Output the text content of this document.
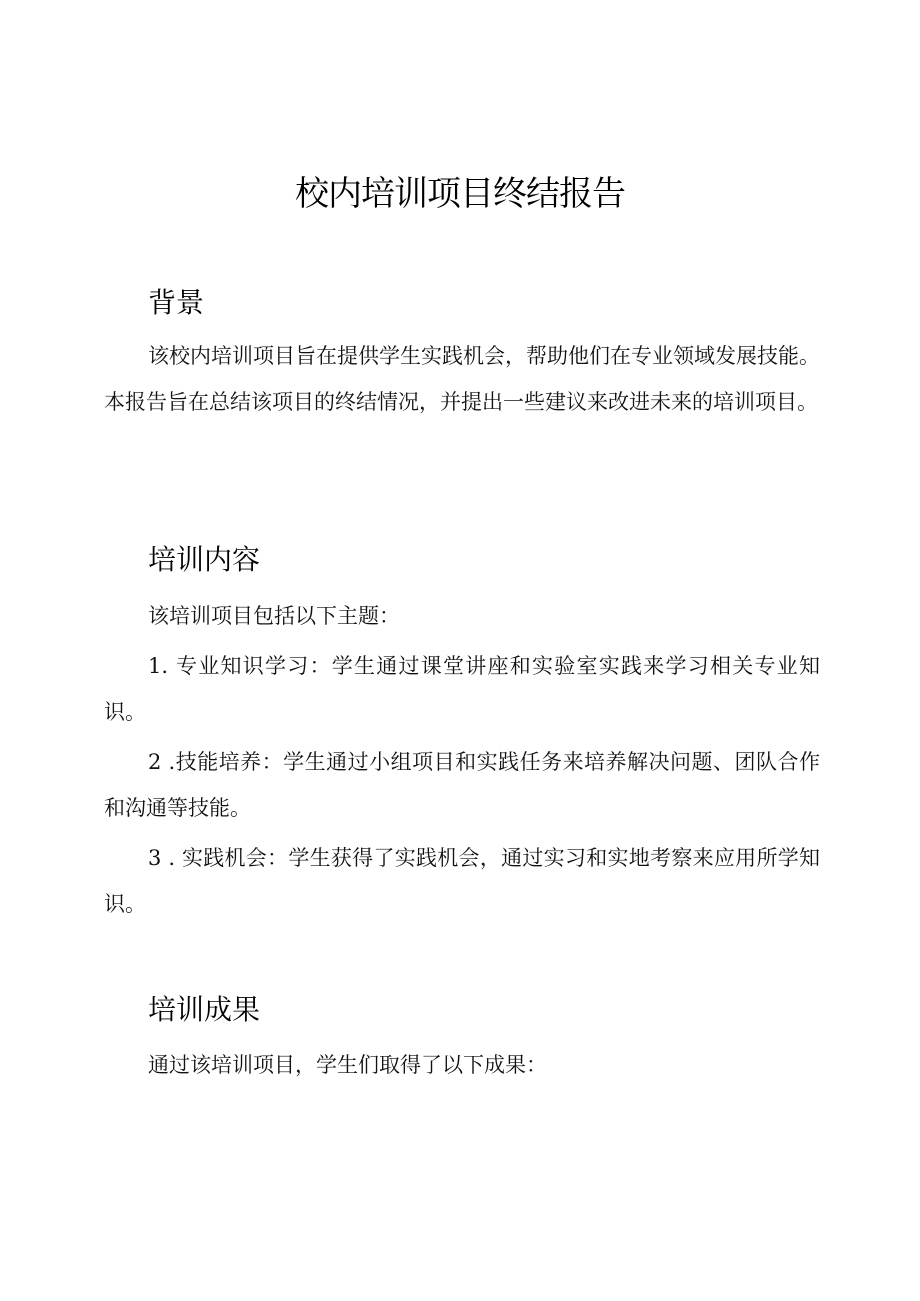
校内培训项目终结报告
背景
该校内培训项目旨在提供学生实践机会，帮助他们在专业领域发展技能。本报告旨在总结该项目的终结情况，并提出一些建议来改进未来的培训项目。
培训内容
该培训项目包括以下主题：
1. 专业知识学习：学生通过课堂讲座和实验室实践来学习相关专业知识。
2 .技能培养：学生通过小组项目和实践任务来培养解决问题、团队合作和沟通等技能。
3 . 实践机会：学生获得了实践机会，通过实习和实地考察来应用所学知识。
培训成果
通过该培训项目，学生们取得了以下成果：
